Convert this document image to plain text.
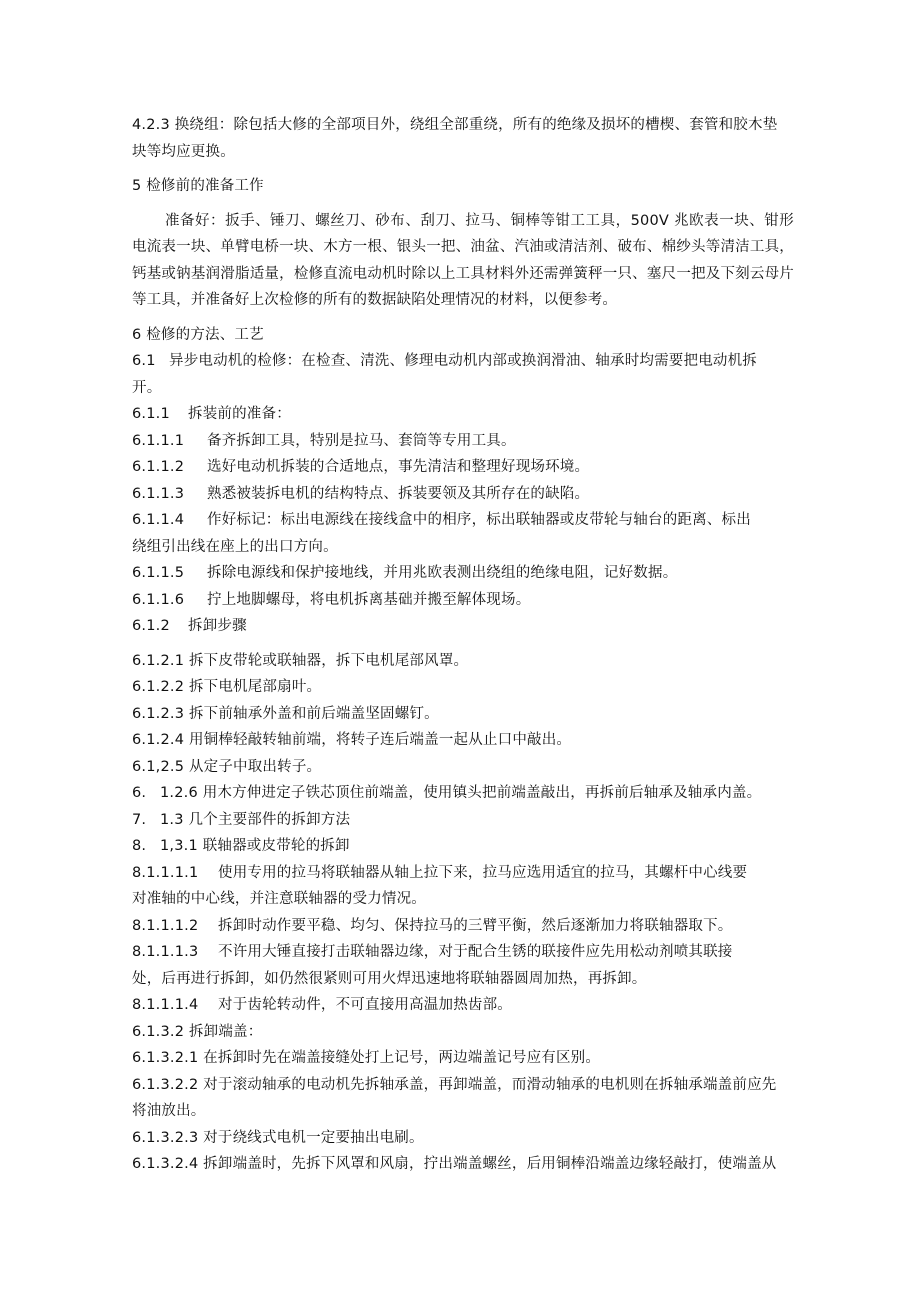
4.2.3 换绕组：除包括大修的全部项目外，绕组全部重绕，所有的绝缘及损坏的槽楔、套管和胶木垫
块等均应更换。
5 检修前的准备工作
准备好：扳手、锤刀、螺丝刀、砂布、刮刀、拉马、铜棒等钳工工具，500V 兆欧表一块、钳形电流表一块、单臂电桥一块、木方一根、银头一把、油盆、汽油或清洁剂、破布、棉纱头等清洁工具，钙基或钠基润滑脂适量，检修直流电动机时除以上工具材料外还需弹簧秤一只、塞尺一把及下刻云母片等工具，并准备好上次检修的所有的数据缺陷处理情况的材料，以便参考。
6 检修的方法、工艺
6.1 异步电动机的检修：在检查、清洗、修理电动机内部或换润滑油、轴承时均需要把电动机拆
开。
6.1.1 拆装前的准备：
6.1.1.1 备齐拆卸工具，特别是拉马、套筒等专用工具。
6.1.1.2 选好电动机拆装的合适地点，事先清洁和整理好现场环境。
6.1.1.3 熟悉被装拆电机的结构特点、拆装要领及其所存在的缺陷。
6.1.1.4 作好标记：标出电源线在接线盒中的相序，标出联轴器或皮带轮与轴台的距离、标出
绕组引出线在座上的出口方向。
6.1.1.5 拆除电源线和保护接地线，并用兆欧表测出绕组的绝缘电阻，记好数据。
6.1.1.6 拧上地脚螺母，将电机拆离基础并搬至解体现场。
6.1.2 拆卸步骤
6.1.2.1 拆下皮带轮或联轴器，拆下电机尾部风罩。
6.1.2.2 拆下电机尾部扇叶。
6.1.2.3 拆下前轴承外盖和前后端盖坚固螺钉。
6.1.2.4 用铜棒轻敲转轴前端，将转子连后端盖一起从止口中敲出。
6.1,2.5 从定子中取出转子。
6. 1.2.6 用木方伸进定子铁芯顶住前端盖，使用镇头把前端盖敲出，再拆前后轴承及轴承内盖。
7. 1.3 几个主要部件的拆卸方法
8. 1,3.1 联轴器或皮带轮的拆卸
8.1.1.1.1 使用专用的拉马将联轴器从轴上拉下来，拉马应选用适宜的拉马，其螺杆中心线要
对准轴的中心线，并注意联轴器的受力情况。
8.1.1.1.2 拆卸时动作要平稳、均匀、保持拉马的三臂平衡，然后逐渐加力将联轴器取下。
8.1.1.1.3 不许用大锤直接打击联轴器边缘，对于配合生锈的联接件应先用松动剂喷其联接
处，后再进行拆卸，如仍然很紧则可用火焊迅速地将联轴器圆周加热，再拆卸。
8.1.1.1.4 对于齿轮转动件，不可直接用高温加热齿部。
6.1.3.2 拆卸端盖：
6.1.3.2.1 在拆卸时先在端盖接缝处打上记号，两边端盖记号应有区别。
6.1.3.2.2 对于滚动轴承的电动机先拆轴承盖，再卸端盖，而滑动轴承的电机则在拆轴承端盖前应先
将油放出。
6.1.3.2.3 对于绕线式电机一定要抽出电刷。
6.1.3.2.4 拆卸端盖时，先拆下风罩和风扇，拧出端盖螺丝，后用铜棒沿端盖边缘轻敲打，使端盖从
